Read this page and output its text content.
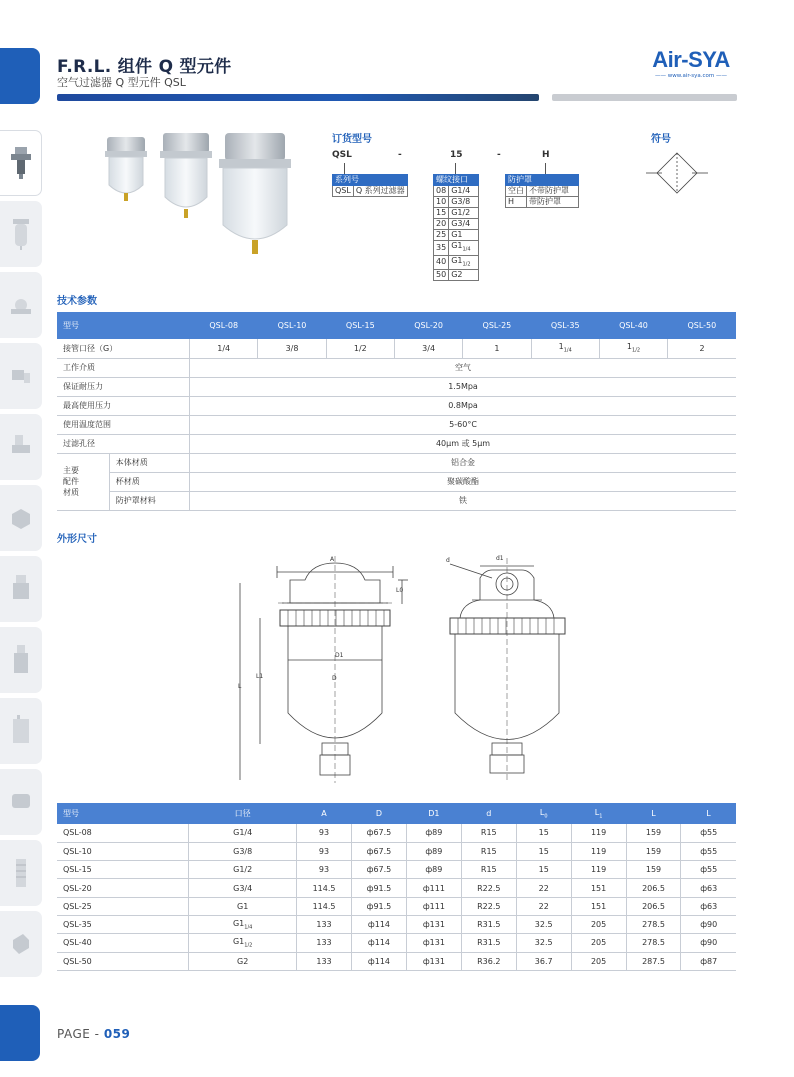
F.R.L. 组件 Q 型元件
空气过滤器 Q 型元件 QSL
Air-SYA
—— www.air-sya.com ——
订货型号
QSL	-	15	-	H
系列号
QSL	Q 系列过滤器
螺纹接口	
08	G1/4
10	G3/8
15	G1/2
20	G3/4
25	G1
35	$G1_{1/4}$
40	$G1_{1/2}$
50	G2
防护罩	
空白	不带防护罩
H	带防护罩
符号
技术参数
型号		QSL-08	QSL-10	QSL-15	QSL-20	QSL-25	QSL-35	QSL-40	QSL-50
接管口径（G）		1/4	3/8	1/2	3/4	1	$1_{1/4}$	$1_{1/2}$	2
工作介质		空气							
保证耐压力		1.5Mpa							
最高使用压力		0.8Mpa							
使用温度范围		5-60°C							
过滤孔径		40μm 或 5μm							

主要
配件
材质	本体材质	铝合金							
	杯材质	聚碳酸酯							
	防护罩材料	铁							
外形尺寸
A
L0
L
L1
D1
D
d	d1
型号	口径	A	D	D1	d	$L_0$	$L_1$	L	L
QSL-08	G1/4	93	ф67.5	ф89	R15	15	119	159	ф55
QSL-10	G3/8	93	ф67.5	ф89	R15	15	119	159	ф55
QSL-15	G1/2	93	ф67.5	ф89	R15	15	119	159	ф55
QSL-20	G3/4	114.5	ф91.5	ф111	R22.5	22	151	206.5	ф63
QSL-25	G1	114.5	ф91.5	ф111	R22.5	22	151	206.5	ф63
QSL-35	$G1_{1/4}$	133	ф114	ф131	R31.5	32.5	205	278.5	ф90
QSL-40	$G1_{1/2}$	133	ф114	ф131	R31.5	32.5	205	278.5	ф90
QSL-50	G2	133	ф114	ф131	R36.2	36.7	205	287.5	ф87
PAGE - 059
